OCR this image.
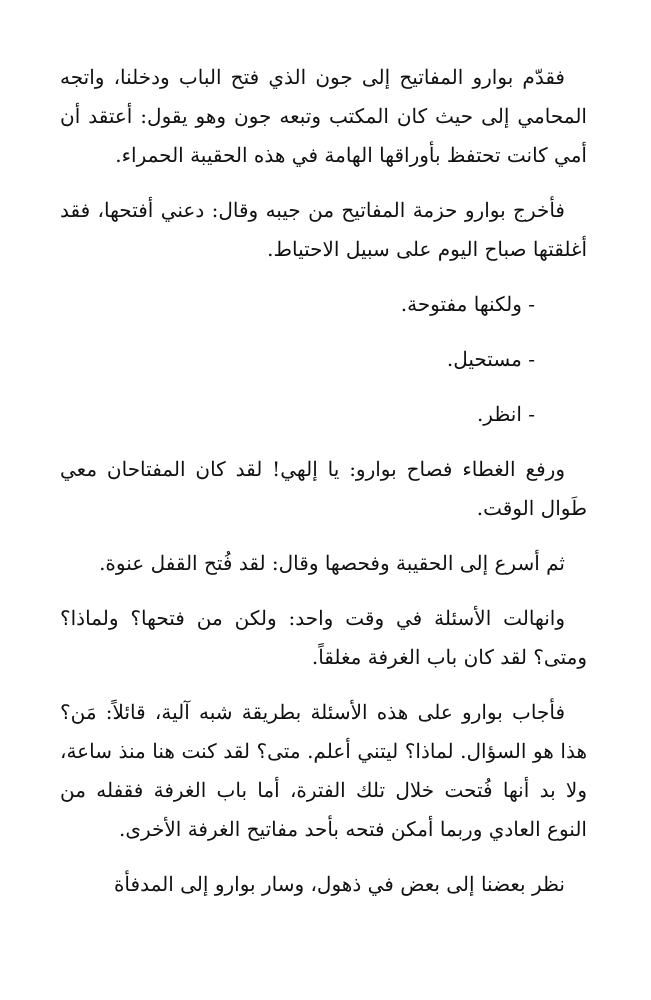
فقدّم بوارو المفاتيح إلى جون الذي فتح الباب ودخلنا، واتجه المحامي إلى حيث كان المكتب وتبعه جون وهو يقول: أعتقد أن أمي كانت تحتفظ بأوراقها الهامة في هذه الحقيبة الحمراء.

فأخرج بوارو حزمة المفاتيح من جيبه وقال: دعني أفتحها، فقد أغلقتها صباح اليوم على سبيل الاحتياط.

- ولكنها مفتوحة.

- مستحيل.

- انظر.

ورفع الغطاء فصاح بوارو: يا إلهي! لقد كان المفتاحان معي طَوال الوقت.

ثم أسرع إلى الحقيبة وفحصها وقال: لقد فُتح القفل عنوة.

وانهالت الأسئلة في وقت واحد: ولكن من فتحها؟ ولماذا؟ ومتى؟ لقد كان باب الغرفة مغلقاً.

فأجاب بوارو على هذه الأسئلة بطريقة شبه آلية، قائلاً: مَن؟ هذا هو السؤال. لماذا؟ ليتني أعلم. متى؟ لقد كنت هنا منذ ساعة، ولا بد أنها فُتحت خلال تلك الفترة، أما باب الغرفة فقفله من النوع العادي وربما أمكن فتحه بأحد مفاتيح الغرفة الأخرى.

نظر بعضنا إلى بعض في ذهول، وسار بوارو إلى المدفأة
